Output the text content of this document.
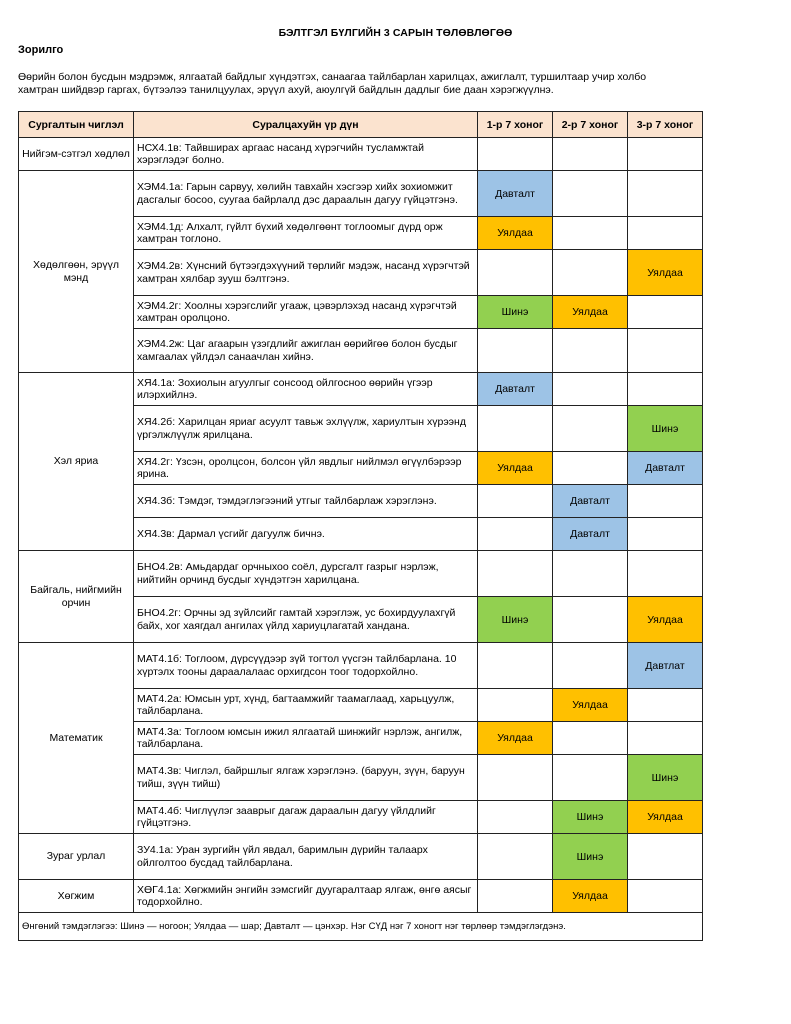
БЭЛТГЭЛ БҮЛГИЙН 3 САРЫН ТӨЛӨВЛӨГӨӨ
Зорилго
Өөрийн болон бусдын мэдрэмж, ялгаатай байдлыг хүндэтгэх, санаагаа тайлбарлан харилцах, ажиглалт, туршилтаар учир холбо
хамтран шийдвэр гаргах, бүтээлээ танилцуулах, эрүүл ахуй, аюулгүй байдлын дадлыг бие даан хэрэгжүүлнэ.
Сургалтын чиглэл	Суралцахуйн үр дүн	1-р 7 хоног	2-р 7 хоног	3-р 7 хоног
Нийгэм-сэтгэл хөдлөл	НСХ4.1в: Тайвширах аргаас насанд хүрэгчийн тусламжтай хэрэглэдэг болно.			
Хөдөлгөөн, эрүүл мэнд	ХЭМ4.1а: Гарын сарвуу, хөлийн тавхайн хэсгээр хийх зохиомжит дасгалыг босоо, суугаа байрлалд дэс дараалын дагуу гүйцэтгэнэ.	Давталт		
	ХЭМ4.1д: Алхалт, гүйлт бүхий хөдөлгөөнт тоглоомыг дүрд орж хамтран тоглоно.	Уялдаа		
	ХЭМ4.2в: Хүнсний бүтээгдэхүүний төрлийг мэдэж, насанд хүрэгчтэй хамтран хялбар зууш бэлтгэнэ.			Уялдаа
	ХЭМ4.2г: Хоолны хэрэгслийг угааж, цэвэрлэхэд насанд хүрэгчтэй хамтран оролцоно.	Шинэ	Уялдаа	
	ХЭМ4.2ж: Цаг агаарын үзэгдлийг ажиглан өөрийгөө болон бусдыг хамгаалах үйлдэл санаачлан хийнэ.			
Хэл яриа	ХЯ4.1а: Зохиолын агуулгыг сонсоод ойлгосноо өөрийн үгээр илэрхийлнэ.	Давталт		
	ХЯ4.2б: Харилцан яриаг асуулт тавьж эхлүүлж, хариултын хүрээнд үргэлжлүүлж ярилцана.			Шинэ
	ХЯ4.2г: Үзсэн, оролцсон, болсон үйл явдлыг нийлмэл өгүүлбэрээр ярина.	Уялдаа		Давталт
	ХЯ4.3б: Тэмдэг, тэмдэглэгээний утгыг тайлбарлаж хэрэглэнэ.		Давталт	
	ХЯ4.3в: Дармал үсгийг дагуулж бичнэ.		Давталт	
Байгаль, нийгмийн орчин	БНО4.2в: Амьдардаг орчныхоо соёл, дурсгалт газрыг нэрлэж, нийтийн орчинд бусдыг хүндэтгэн харилцана.			
	БНО4.2г: Орчны эд зүйлсийг гамтай хэрэглэж, ус бохирдуулахгүй байх, хог хаягдал ангилах үйлд хариуцлагатай хандана.	Шинэ		Уялдаа
Математик	МАТ4.1б: Тоглоом, дүрсүүдээр зүй тогтол үүсгэн тайлбарлана. 10 хүртэлх тооны дараалалаас орхигдсон тоог тодорхойлно.			Давтлат
	МАТ4.2а: Юмсын урт, хүнд, багтаамжийг таамаглаад, харьцуулж, тайлбарлана.		Уялдаа	
	МАТ4.3а: Тоглоом юмсын ижил ялгаатай шинжийг нэрлэж, ангилж, тайлбарлана.	Уялдаа		
	МАТ4.3в: Чиглэл, байршлыг ялгаж хэрэглэнэ. (баруун, зүүн, баруун тийш, зүүн тийш)			Шинэ
	МАТ4.4б: Чиглүүлэг зааврыг дагаж дараалын дагуу үйлдлийг гүйцэтгэнэ.		Шинэ	Уялдаа
Зураг урлал	ЗУ4.1а: Уран зургийн үйл явдал, баримлын дүрийн талаарх ойлголтоо бусдад тайлбарлана.		Шинэ	
Хөгжим	ХӨГ4.1а: Хөгжмийн энгийн зэмсгийг дуугаралтаар ялгаж, өнгө аясыг тодорхойлно.		Уялдаа	
Өнгөний тэмдэглэгээ: Шинэ — ногоон; Уялдаа — шар; Давталт — цэнхэр. Нэг СҮД нэг 7 хоногт нэг төрлөөр тэмдэглэгдэнэ.				
